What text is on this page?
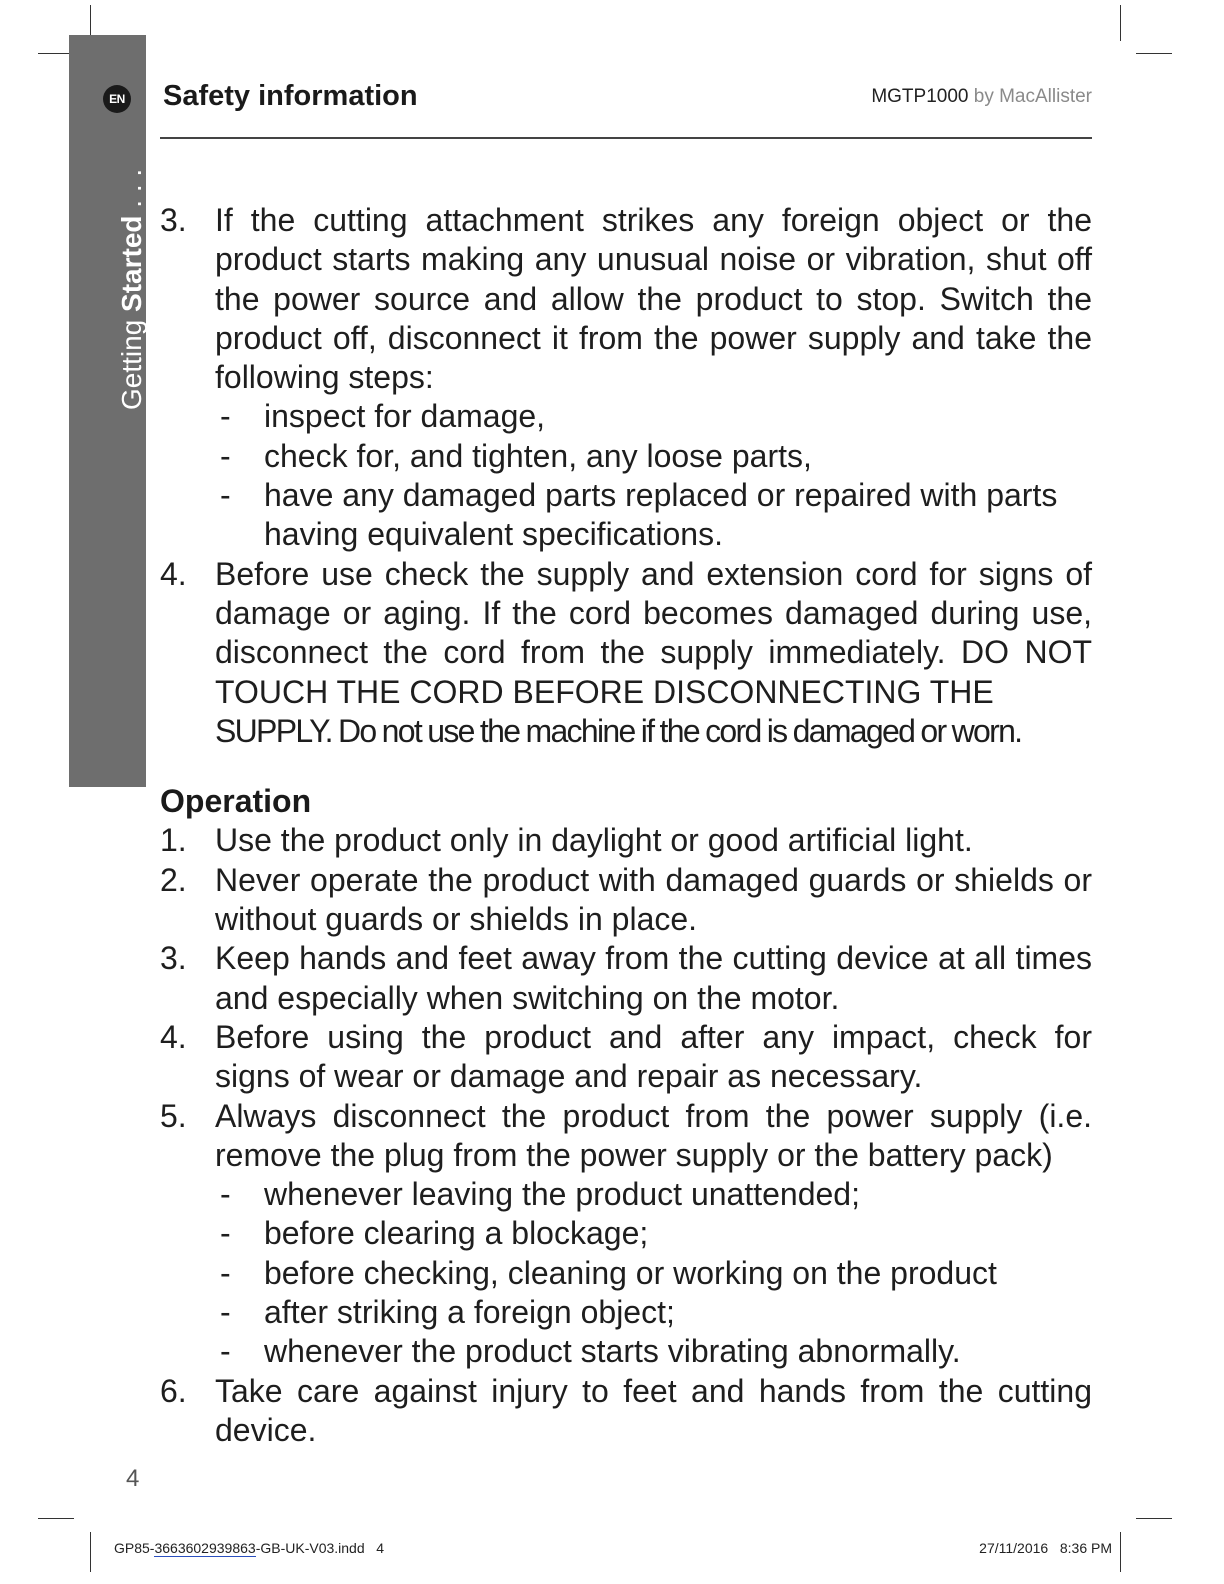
EN
Getting Started . . .
Safety information	MGTP1000 by MacAllister
3. If the cutting attachment strikes any foreign object or the product starts making any unusual noise or vibration, shut off the power source and allow the product to stop. Switch the product off, disconnect it from the power supply and take the following steps:
- inspect for damage,
- check for, and tighten, any loose parts,
- have any damaged parts replaced or repaired with parts having equivalent specifications.
4. Before use check the supply and extension cord for signs of damage or aging. If the cord becomes damaged during use, disconnect the cord from the supply immediately. DO NOT TOUCH THE CORD BEFORE DISCONNECTING THE
SUPPLY. Do not use the machine if the cord is damaged or worn.
Operation
1. Use the product only in daylight or good artificial light.
2. Never operate the product with damaged guards or shields or without guards or shields in place.
3. Keep hands and feet away from the cutting device at all times and especially when switching on the motor.
4. Before using the product and after any impact, check for signs of wear or damage and repair as necessary.
5. Always disconnect the product from the power supply (i.e. remove the plug from the power supply or the battery pack)
- whenever leaving the product unattended;
- before clearing a blockage;
- before checking, cleaning or working on the product
- after striking a foreign object;
- whenever the product starts vibrating abnormally.
6. Take care against injury to feet and hands from the cutting device.
4
GP85-3663602939863-GB-UK-V03.indd   4	27/11/2016   8:36 PM
